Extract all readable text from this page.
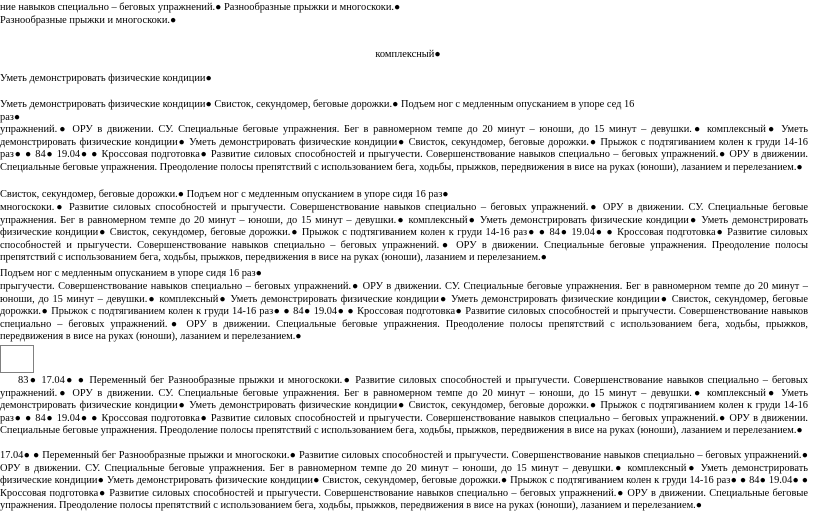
ние навыков специально – беговых упражнений.● Разнообразные прыжки и многоскоки.●
Разнообразные прыжки и многоскоки.●
комплексный●
Уметь демонстрировать физические кондиции●
Уметь демонстрировать физические кондиции● Свисток, секундомер, беговые дорожки.● Подъем ног с медленным опусканием в упоре сед 16
раз●
упражнений.● ОРУ в движении. СУ. Специальные беговые упражнения. Бег в равномерном темпе до 20 минут – юноши, до 15 минут – девушки.● комплексный● Уметь демонстрировать физические кондиции● Уметь демонстрировать физические кондиции● Свисток, секундомер, беговые дорожки.● Прыжок с подтягиванием колен к груди 14-16 раз● ● 84● 19.04● ● Кроссовая подготовка● Развитие силовых способностей и прыгучести. Совершенствование навыков специально – беговых упражнений.● ОРУ в движении. Специальные беговые упражнения. Преодоление полосы препятствий с использованием бега, ходьбы, прыжков, передвижения в висе на руках (юноши), лазанием и перелезанием.●
Свисток, секундомер, беговые дорожки.● Подъем ног с медленным опусканием в упоре сидя 16 раз●
многоскоки.● Развитие силовых способностей и прыгучести. Совершенствование навыков специально – беговых упражнений.● ОРУ в движении. СУ. Специальные беговые упражнения. Бег в равномерном темпе до 20 минут – юноши, до 15 минут – девушки.● комплексный● Уметь демонстрировать физические кондиции● Уметь демонстрировать физические кондиции● Свисток, секундомер, беговые дорожки.● Прыжок с подтягиванием колен к груди 14-16 раз● ● 84● 19.04● ● Кроссовая подготовка● Развитие силовых способностей и прыгучести. Совершенствование навыков специально – беговых упражнений.● ОРУ в движении. Специальные беговые упражнения. Преодоление полосы препятствий с использованием бега, ходьбы, прыжков, передвижения в висе на руках (юноши), лазанием и перелезанием.●
Подъем ног с медленным опусканием в упоре сидя 16 раз●
прыгучести. Совершенствование навыков специально – беговых упражнений.● ОРУ в движении. СУ. Специальные беговые упражнения. Бег в равномерном темпе до 20 минут – юноши, до 15 минут – девушки.● комплексный● Уметь демонстрировать физические кондиции● Уметь демонстрировать физические кондиции● Свисток, секундомер, беговые дорожки.● Прыжок с подтягиванием колен к груди 14-16 раз● ● 84● 19.04● ● Кроссовая подготовка● Развитие силовых способностей и прыгучести. Совершенствование навыков специально – беговых упражнений.● ОРУ в движении. Специальные беговые упражнения. Преодоление полосы препятствий с использованием бега, ходьбы, прыжков, передвижения в висе на руках (юноши), лазанием и перелезанием.●
83● 17.04● ● Переменный бег Разнообразные прыжки и многоскоки.● Развитие силовых способностей и прыгучести. Совершенствование навыков специально – беговых упражнений.● ОРУ в движении. СУ. Специальные беговые упражнения. Бег в равномерном темпе до 20 минут – юноши, до 15 минут – девушки.● комплексный● Уметь демонстрировать физические кондиции● Уметь демонстрировать физические кондиции● Свисток, секундомер, беговые дорожки.● Прыжок с подтягиванием колен к груди 14-16 раз● ● 84● 19.04● ● Кроссовая подготовка● Развитие силовых способностей и прыгучести. Совершенствование навыков специально – беговых упражнений.● ОРУ в движении. Специальные беговые упражнения. Преодоление полосы препятствий с использованием бега, ходьбы, прыжков, передвижения в висе на руках (юноши), лазанием и перелезанием.●
17.04● ● Переменный бег Разнообразные прыжки и многоскоки.● Развитие силовых способностей и прыгучести. Совершенствование навыков специально – беговых упражнений.● ОРУ в движении. СУ. Специальные беговые упражнения. Бег в равномерном темпе до 20 минут – юноши, до 15 минут – девушки.● комплексный● Уметь демонстрировать физические кондиции● Уметь демонстрировать физические кондиции● Свисток, секундомер, беговые дорожки.● Прыжок с подтягиванием колен к груди 14-16 раз● ● 84● 19.04● ● Кроссовая подготовка● Развитие силовых способностей и прыгучести. Совершенствование навыков специально – беговых упражнений.● ОРУ в движении. Специальные беговые упражнения. Преодоление полосы препятствий с использованием бега, ходьбы, прыжков, передвижения в висе на руках (юноши), лазанием и перелезанием.●
